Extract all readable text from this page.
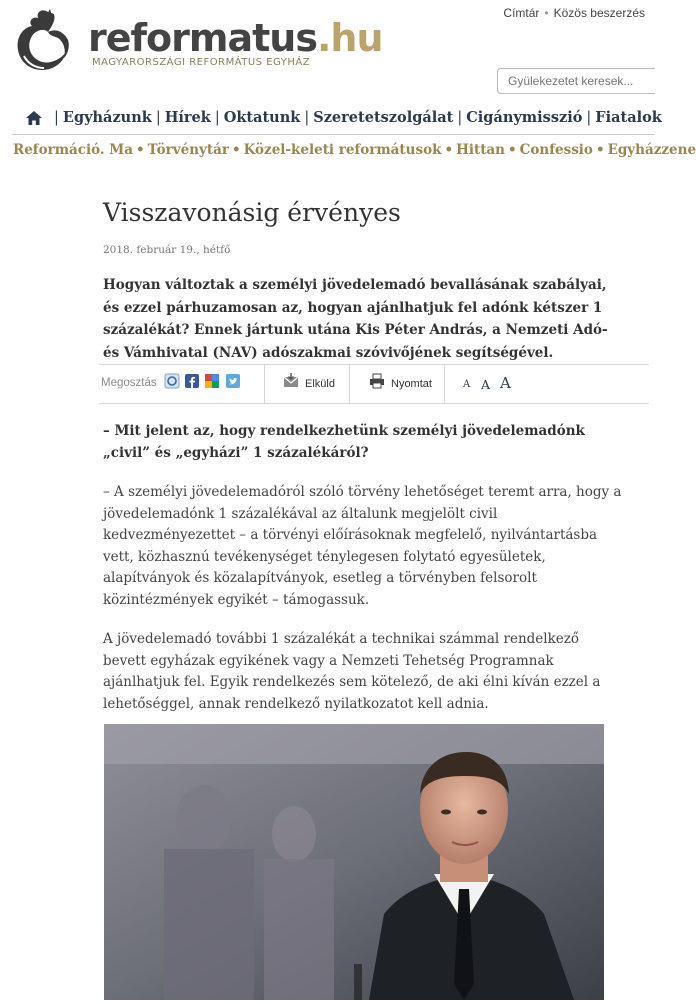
reformatus.hu
MAGYARORSZÁGI REFORMÁTUS EGYHÁZ
Címtár • Közös beszerzés
Gyülekezetet keresek...
| Egyházunk | Hírek | Oktatunk | Szeretetszolgálat | Cigánymisszió | Fiatalok
Reformáció. Ma • Törvénytár • Közel-keleti reformátusok • Hittan • Confessio • Egyházzene
Visszavonásig érvényes
2018. február 19., hétfő
Hogyan változtak a személyi jövedelemadó bevallásának szabályai, és ezzel párhuzamosan az, hogyan ajánlhatjuk fel adónk kétszer 1 százalékát? Ennek jártunk utána Kis Péter András, a Nemzeti Adó- és Vámhivatal (NAV) adószakmai szóvivőjének segítségével.
Megosztás	Elküld	Nyomtat	A A A

– Mit jelent az, hogy rendelkezhetünk személyi jövedelemadónk „civil” és „egyházi” 1 százalékáról?

– A személyi jövedelemadóról szóló törvény lehetőséget teremt arra, hogy a jövedelemadónk 1 százalékával az általunk megjelölt civil kedvezményezettet – a törvényi előírásoknak megfelelő, nyilvántartásba vett, közhasznú tevékenységet ténylegesen folytató egyesületek, alapítványok és közalapítványok, esetleg a törvényben felsorolt közintézmények egyikét – támogassuk.

A jövedelemadó további 1 százalékát a technikai számmal rendelkező bevett egyházak egyikének vagy a Nemzeti Tehetség Programnak ajánlhatjuk fel. Egyik rendelkezés sem kötelező, de aki élni kíván ezzel a lehetőséggel, annak rendelkező nyilatkozatot kell adnia.
